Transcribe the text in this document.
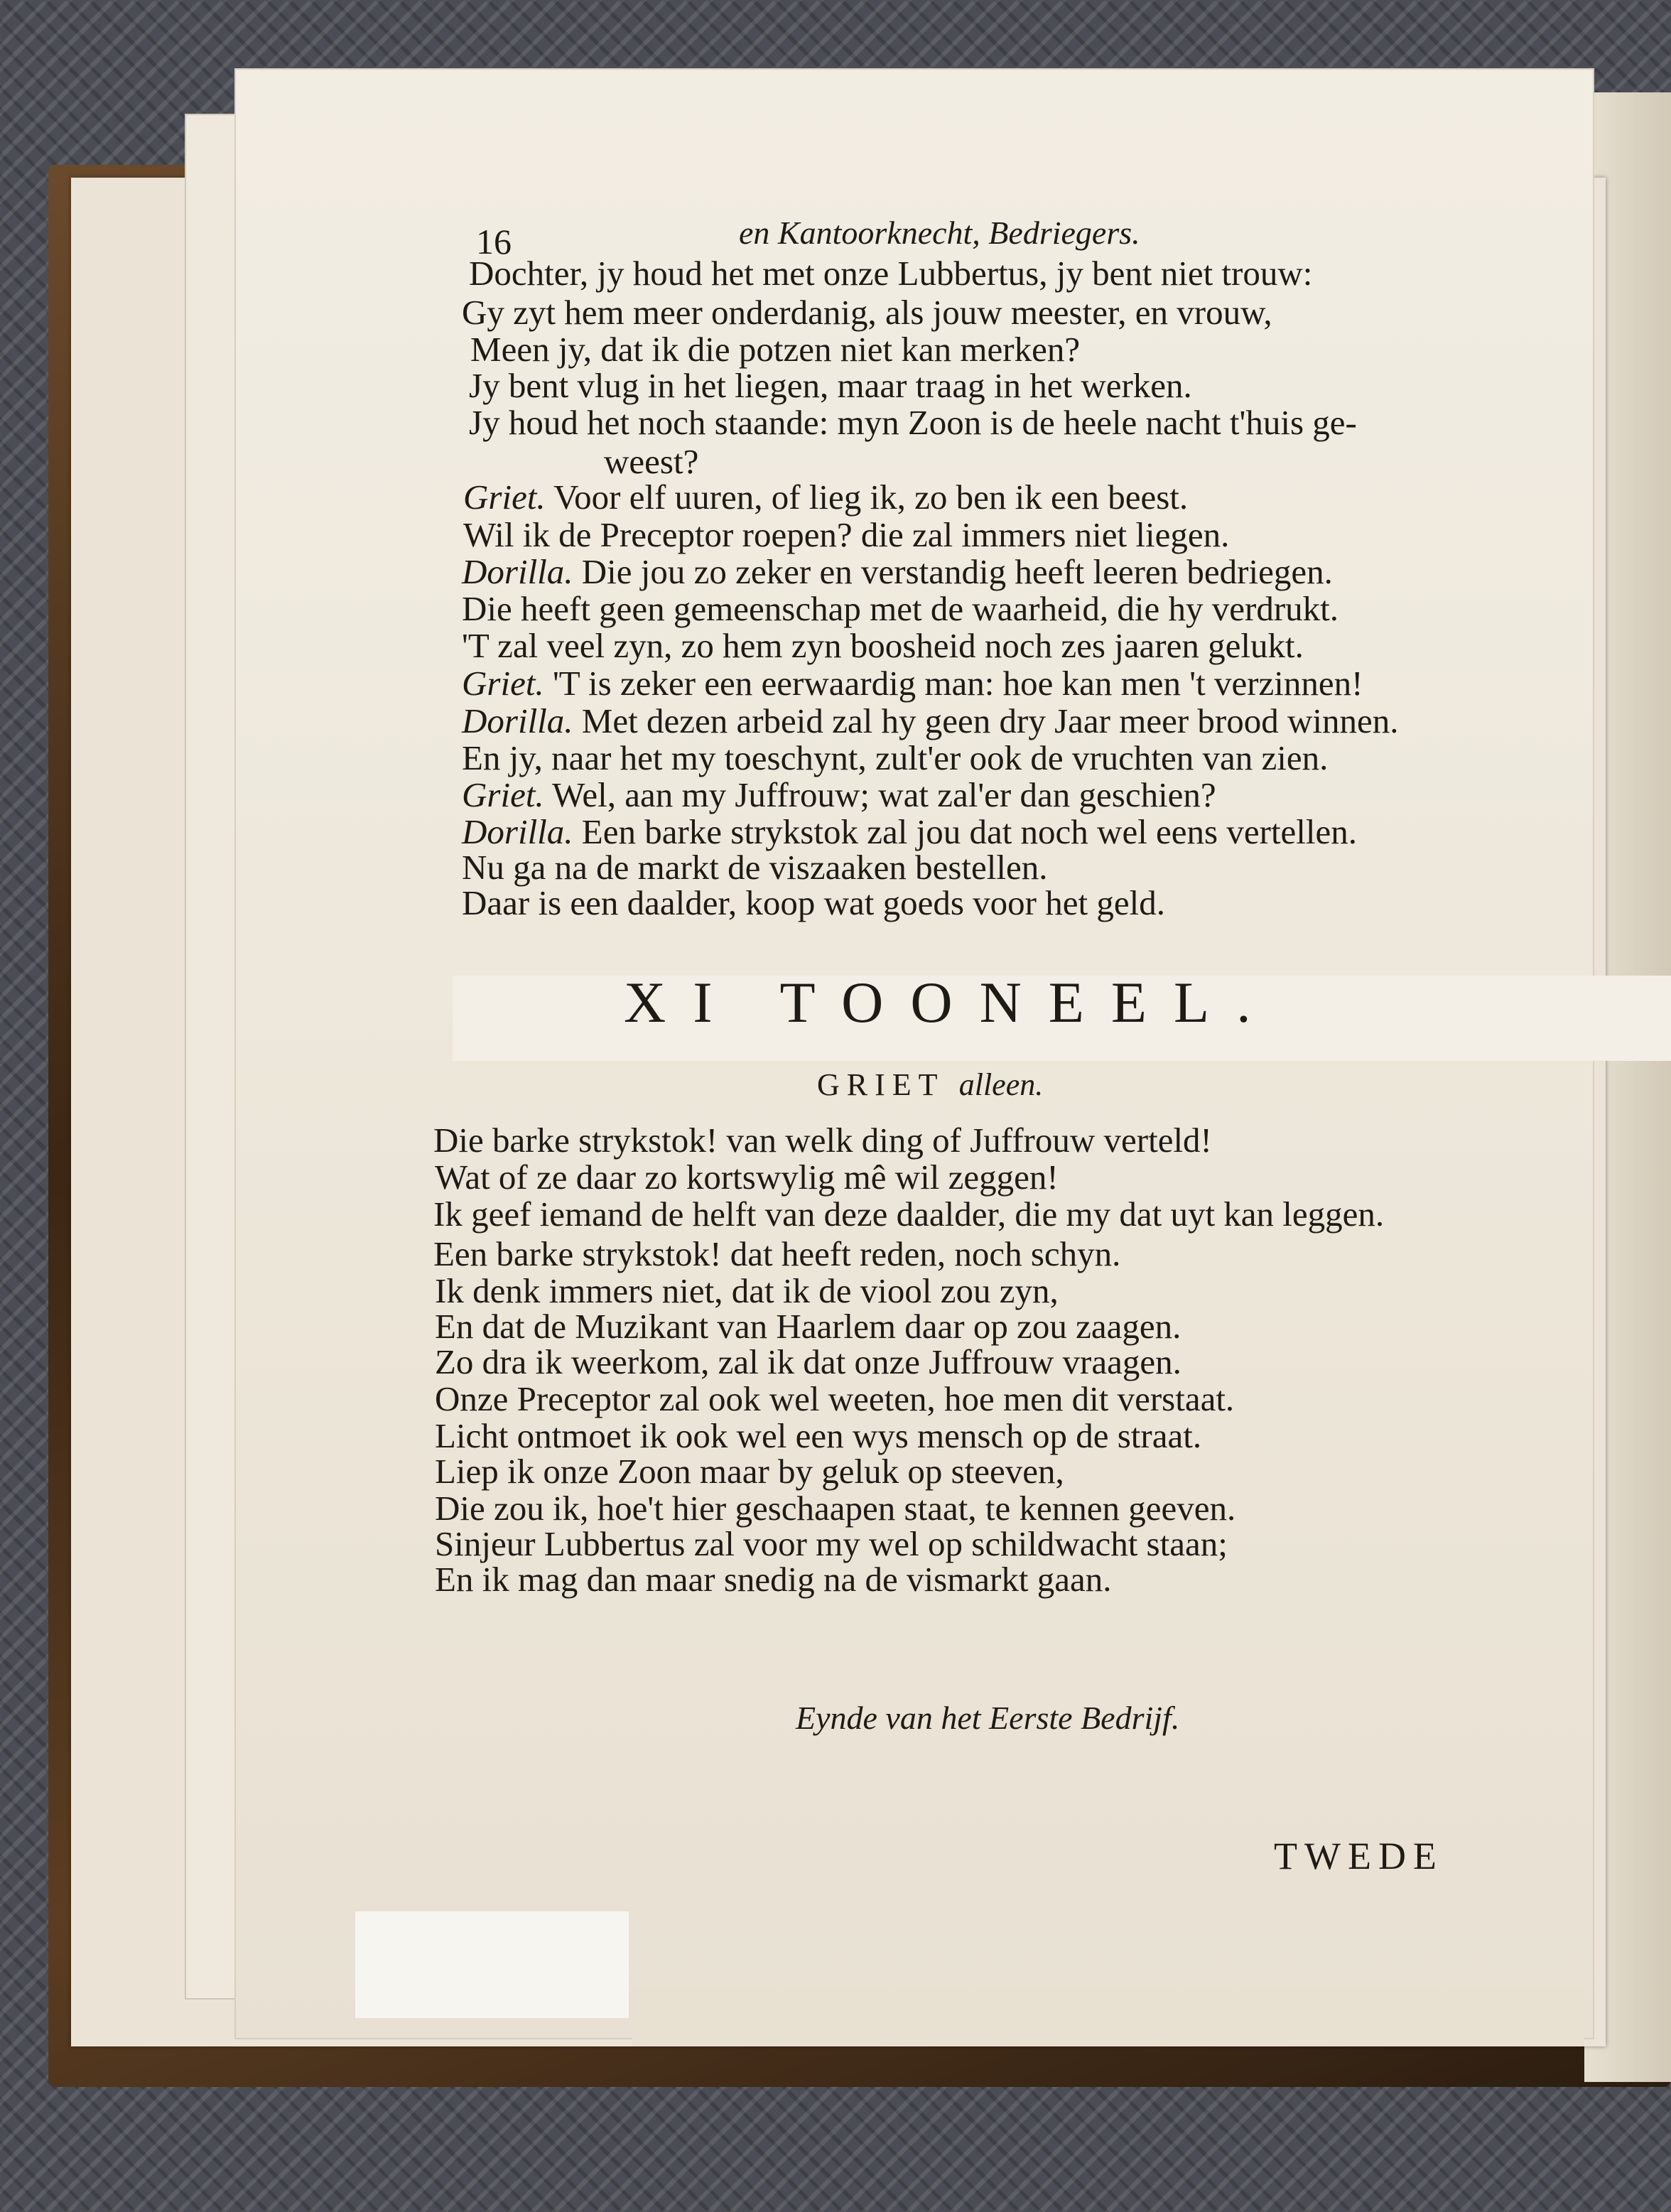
16	en Kantoorknecht, Bedriegers.
Dochter, jy houd het met onze Lubbertus, jy bent niet trouw:
Gy zyt hem meer onderdanig, als jouw meester, en vrouw,
Meen jy, dat ik die potzen niet kan merken?
Jy bent vlug in het liegen, maar traag in het werken.
Jy houd het noch staande: myn Zoon is de heele nacht t'huis ge-
weest?
Griet. Voor elf uuren, of lieg ik, zo ben ik een beest.
Wil ik de Preceptor roepen? die zal immers niet liegen.
Dorilla. Die jou zo zeker en verstandig heeft leeren bedriegen.
Die heeft geen gemeenschap met de waarheid, die hy verdrukt.
'T zal veel zyn, zo hem zyn boosheid noch zes jaaren gelukt.
Griet. 'T is zeker een eerwaardig man: hoe kan men 't verzinnen!
Dorilla. Met dezen arbeid zal hy geen dry Jaar meer brood winnen.
En jy, naar het my toeschynt, zult'er ook de vruchten van zien.
Griet. Wel, aan my Juffrouw; wat zal'er dan geschien?
Dorilla. Een barke strykstok zal jou dat noch wel eens vertellen.
Nu ga na de markt de viszaaken bestellen.
Daar is een daalder, koop wat goeds voor het geld.
XI TOONEEL.
GRIET alleen.
Die barke strykstok! van welk ding of Juffrouw verteld!
Wat of ze daar zo kortswylig mê wil zeggen!
Ik geef iemand de helft van deze daalder, die my dat uyt kan leggen.
Een barke strykstok! dat heeft reden, noch schyn.
Ik denk immers niet, dat ik de viool zou zyn,
En dat de Muzikant van Haarlem daar op zou zaagen.
Zo dra ik weerkom, zal ik dat onze Juffrouw vraagen.
Onze Preceptor zal ook wel weeten, hoe men dit verstaat.
Licht ontmoet ik ook wel een wys mensch op de straat.
Liep ik onze Zoon maar by geluk op steeven,
Die zou ik, hoe't hier geschaapen staat, te kennen geeven.
Sinjeur Lubbertus zal voor my wel op schildwacht staan;
En ik mag dan maar snedig na de vismarkt gaan.
Eynde van het Eerste Bedrijf.
TWEDE
